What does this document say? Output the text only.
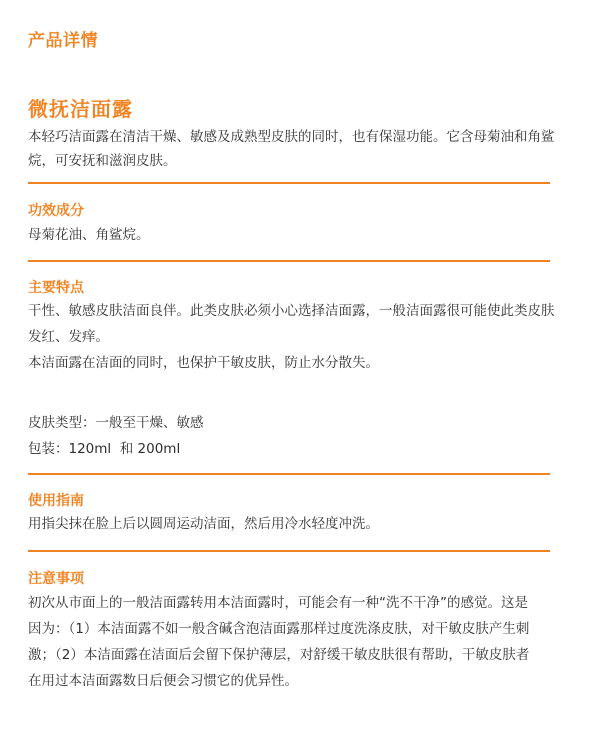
产品详情
微抚洁面露

本轻巧洁面露在清洁干燥、敏感及成熟型皮肤的同时，也有保湿功能。它含母菊油和角鲨烷，可安抚和滋润皮肤。

功效成分

母菊花油、角鲨烷。

主要特点

干性、敏感皮肤洁面良伴。此类皮肤必须小心选择洁面露，一般洁面露很可能使此类皮肤发红、发痒。

本洁面露在洁面的同时，也保护干敏皮肤，防止水分散失。

皮肤类型：一般至干燥、敏感

包装：120ml  和 200ml

使用指南

用指尖抹在脸上后以圆周运动洁面，然后用冷水轻度冲洗。

注意事项

初次从市面上的一般洁面露转用本洁面露时，可能会有一种“洗不干净”的感觉。这是因为：（1）本洁面露不如一般含碱含泡洁面露那样过度洗涤皮肤，对干敏皮肤产生刺激；（2）本洁面露在洁面后会留下保护薄层，对舒缓干敏皮肤很有帮助，干敏皮肤者在用过本洁面露数日后便会习惯它的优异性。
